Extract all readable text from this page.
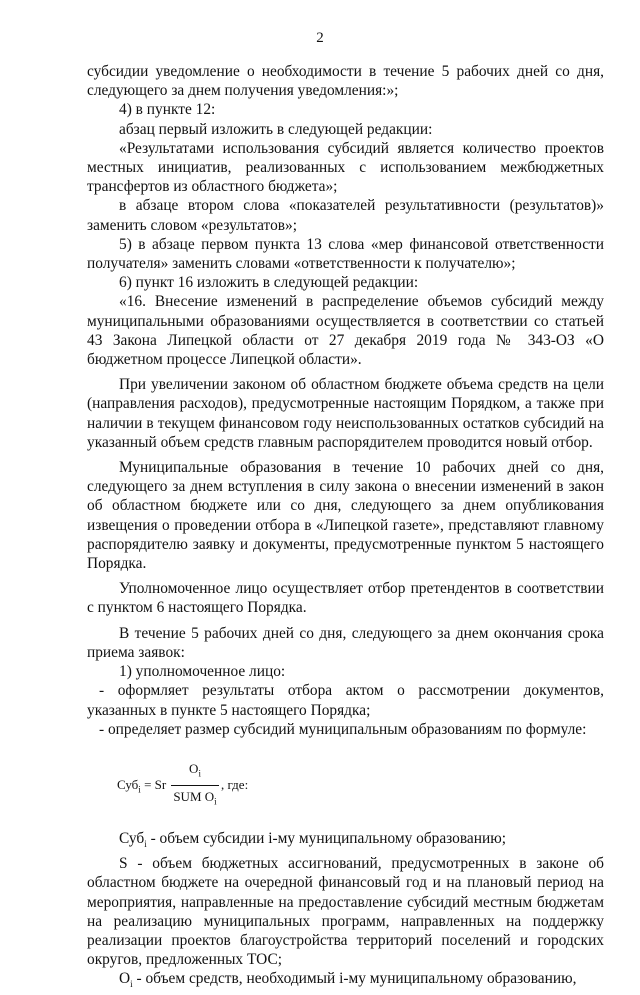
2

субсидии уведомление о необходимости в течение 5 рабочих дней со дня, следующего за днем получения уведомления:»;

4) в пункте 12:

абзац первый изложить в следующей редакции:

«Результатами использования субсидий является количество проектов местных инициатив, реализованных с использованием межбюджетных трансфертов из областного бюджета»;

в абзаце втором слова «показателей результативности (результатов)» заменить словом «результатов»;

5) в абзаце первом пункта 13 слова «мер финансовой ответственности получателя» заменить словами «ответственности к получателю»;

6) пункт 16 изложить в следующей редакции:

«16. Внесение изменений в распределение объемов субсидий между муниципальными образованиями осуществляется в соответствии со статьей 43 Закона Липецкой области от 27 декабря 2019 года № 343-ОЗ «О бюджетном процессе Липецкой области».

При увеличении законом об областном бюджете объема средств на цели (направления расходов), предусмотренные настоящим Порядком, а также при наличии в текущем финансовом году неиспользованных остатков субсидий на указанный объем средств главным распорядителем проводится новый отбор.

Муниципальные образования в течение 10 рабочих дней со дня, следующего за днем вступления в силу закона о внесении изменений в закон об областном бюджете или со дня, следующего за днем опубликования извещения о проведении отбора в «Липецкой газете», представляют главному распорядителю заявку и документы, предусмотренные пунктом 5 настоящего Порядка.

Уполномоченное лицо осуществляет отбор претендентов в соответствии с пунктом 6 настоящего Порядка.

В течение 5 рабочих дней со дня, следующего за днем окончания срока приема заявок:

1) уполномоченное лицо:

- оформляет результаты отбора актом о рассмотрении документов, указанных в пункте 5 настоящего Порядка;

- определяет размер субсидий муниципальным образованиям по формуле:

Суб$_i$ = Sr
$O_i$
SUM $O_i$
, где:

Суб$_i$ - объем субсидии i-му муниципальному образованию;

S - объем бюджетных ассигнований, предусмотренных в законе об областном бюджете на очередной финансовый год и на плановый период на мероприятия, направленные на предоставление субсидий местным бюджетам на реализацию муниципальных программ, направленных на поддержку реализации проектов благоустройства территорий поселений и городских округов, предложенных ТОС;

$O_i$ - объем средств, необходимый i-му муниципальному образованию,
